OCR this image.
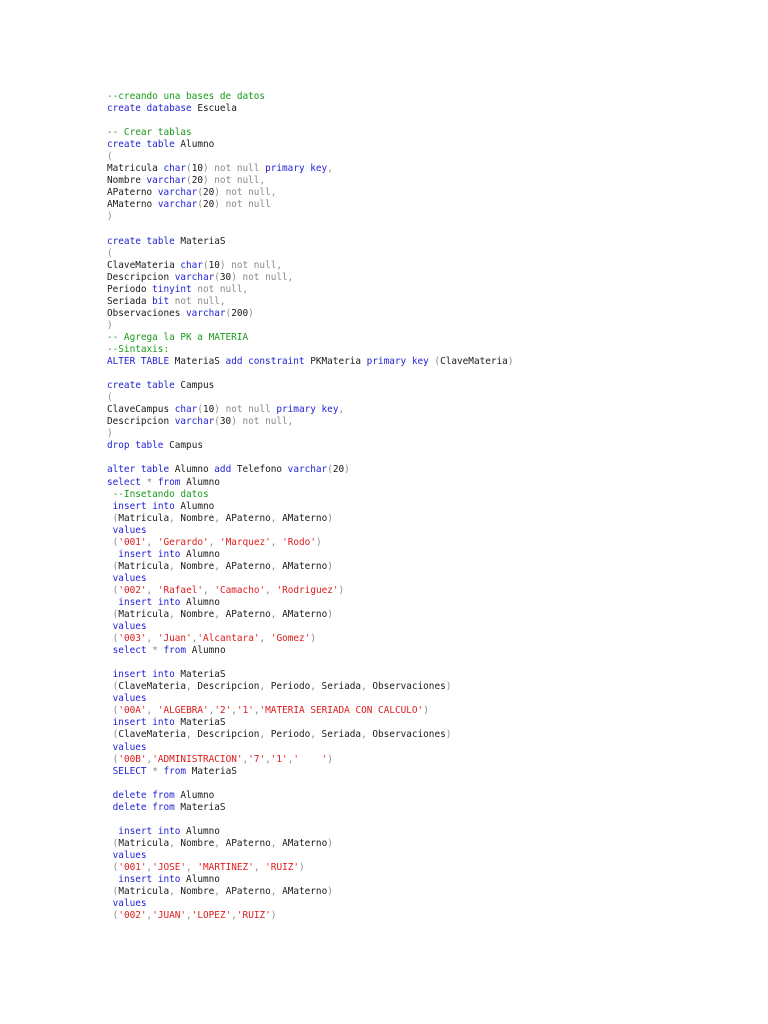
--creando una bases de datos
create database Escuela
-- Crear tablas
create table Alumno
(
Matricula char(10) not null primary key,
Nombre varchar(20) not null,
APaterno varchar(20) not null,
AMaterno varchar(20) not null
)
create table MateriaS
(
ClaveMateria char(10) not null,
Descripcion varchar(30) not null,
Periodo tinyint not null,
Seriada bit not null,
Observaciones varchar(200)
)
-- Agrega la PK a MATERIA
--Sintaxis:
ALTER TABLE MateriaS add constraint PKMateria primary key (ClaveMateria)
create table Campus
(
ClaveCampus char(10) not null primary key,
Descripcion varchar(30) not null,
)
drop table Campus
alter table Alumno add Telefono varchar(20)
select * from Alumno
--Insetando datos
insert into Alumno
(Matricula, Nombre, APaterno, AMaterno)
values
('001', 'Gerardo', 'Marquez', 'Rodo')
insert into Alumno
(Matricula, Nombre, APaterno, AMaterno)
values
('002', 'Rafael', 'Camacho', 'Rodriguez')
insert into Alumno
(Matricula, Nombre, APaterno, AMaterno)
values
('003', 'Juan','Alcantara', 'Gomez')
select * from Alumno
insert into MateriaS
(ClaveMateria, Descripcion, Periodo, Seriada, Observaciones)
values
('00A', 'ALGEBRA','2','1','MATERIA SERIADA CON CALCULO')
insert into MateriaS
(ClaveMateria, Descripcion, Periodo, Seriada, Observaciones)
values
('00B','ADMINISTRACION','7','1','    ')
SELECT * from MateriaS
delete from Alumno
delete from MateriaS
insert into Alumno
(Matricula, Nombre, APaterno, AMaterno)
values
('001','JOSE', 'MARTINEZ', 'RUIZ')
insert into Alumno
(Matricula, Nombre, APaterno, AMaterno)
values
('002','JUAN','LOPEZ','RUIZ')
